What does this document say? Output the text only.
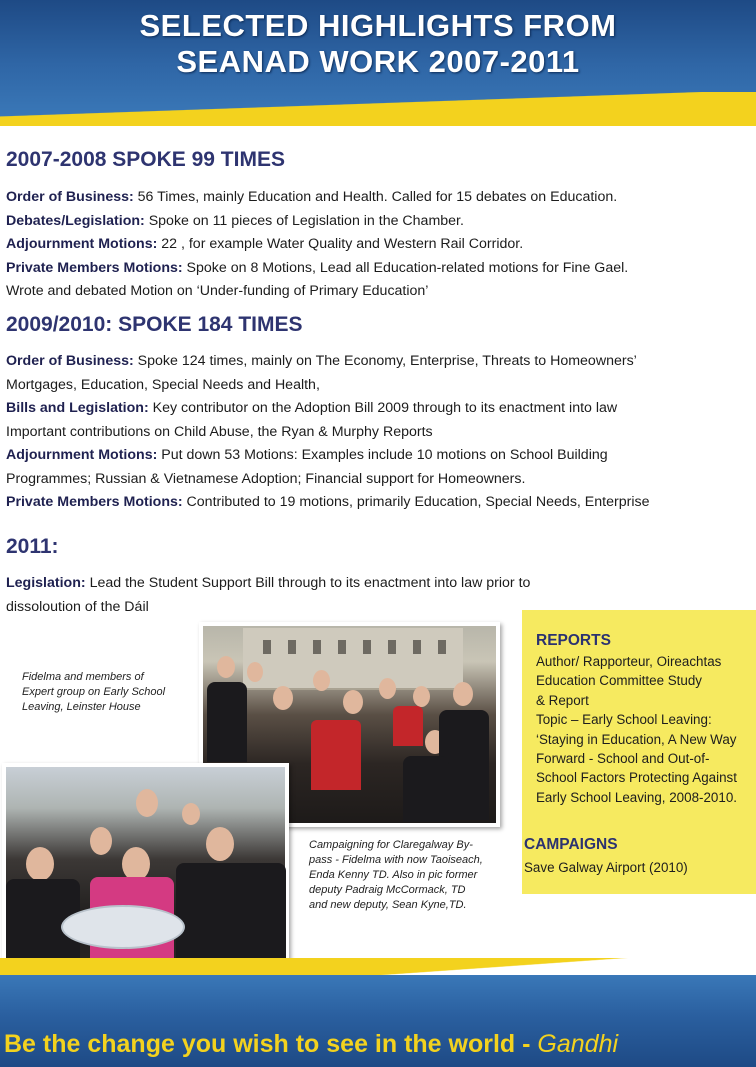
SELECTED HIGHLIGHTS FROM
SEANAD WORK 2007-2011
2007-2008 SPOKE 99 TIMES
Order of Business: 56 Times, mainly Education and Health. Called for 15 debates on Education.
Debates/Legislation: Spoke on 11 pieces of Legislation in the Chamber.
Adjournment Motions: 22 , for example Water Quality and Western Rail Corridor.
Private Members Motions: Spoke on 8 Motions, Lead all Education-related motions for Fine Gael.
Wrote and debated Motion on ‘Under-funding of Primary Education’
2009/2010: SPOKE 184 TIMES
Order of Business: Spoke 124 times, mainly on The Economy, Enterprise, Threats to Homeowners’
Mortgages, Education, Special Needs and Health,
Bills and Legislation: Key contributor on the Adoption Bill 2009 through to its enactment into law
Important contributions on Child Abuse, the Ryan & Murphy Reports
Adjournment Motions: Put down 53 Motions: Examples include 10 motions on School Building
Programmes; Russian & Vietnamese Adoption; Financial support for Homeowners.
Private Members Motions: Contributed to 19 motions, primarily Education, Special Needs, Enterprise
2011:
Legislation: Lead the Student Support Bill through to its enactment into law prior to
dissoloution of the Dáil
Fidelma and members of
Expert group on Early School
Leaving, Leinster House
Campaigning for Claregalway By-
pass - Fidelma with now Taoiseach,
Enda Kenny TD. Also in pic former
deputy Padraig McCormack, TD
and new deputy, Sean Kyne,TD.
REPORTS
Author/ Rapporteur, Oireachtas
Education Committee Study
& Report
Topic – Early School Leaving:
‘Staying in Education, A New Way
Forward - School and Out-of-
School Factors Protecting Against
Early School Leaving, 2008-2010.
CAMPAIGNS
Save Galway Airport (2010)
Be the change you wish to see in the world - Gandhi
